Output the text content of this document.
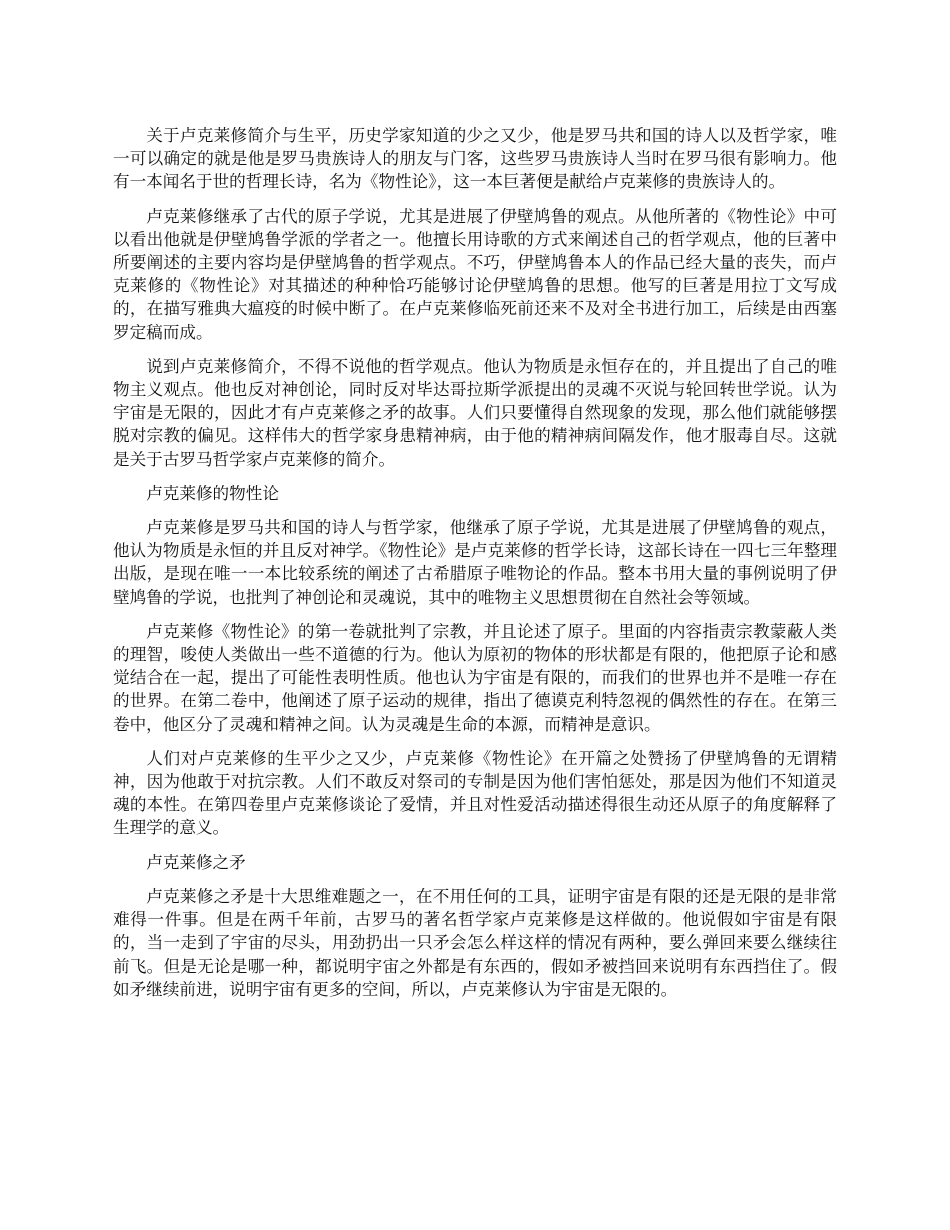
关于卢克莱修简介与生平，历史学家知道的少之又少，他是罗马共和国的诗人以及哲学家，唯一可以确定的就是他是罗马贵族诗人的朋友与门客，这些罗马贵族诗人当时在罗马很有影响力。他有一本闻名于世的哲理长诗，名为《物性论》，这一本巨著便是献给卢克莱修的贵族诗人的。

卢克莱修继承了古代的原子学说，尤其是进展了伊壁鸠鲁的观点。从他所著的《物性论》中可以看出他就是伊壁鸠鲁学派的学者之一。他擅长用诗歌的方式来阐述自己的哲学观点，他的巨著中所要阐述的主要内容均是伊壁鸠鲁的哲学观点。不巧，伊壁鸠鲁本人的作品已经大量的丧失，而卢克莱修的《物性论》对其描述的种种恰巧能够讨论伊壁鸠鲁的思想。他写的巨著是用拉丁文写成的，在描写雅典大瘟疫的时候中断了。在卢克莱修临死前还来不及对全书进行加工，后续是由西塞罗定稿而成。

说到卢克莱修简介，不得不说他的哲学观点。他认为物质是永恒存在的，并且提出了自己的唯物主义观点。他也反对神创论，同时反对毕达哥拉斯学派提出的灵魂不灭说与轮回转世学说。认为宇宙是无限的，因此才有卢克莱修之矛的故事。人们只要懂得自然现象的发现，那么他们就能够摆脱对宗教的偏见。这样伟大的哲学家身患精神病，由于他的精神病间隔发作，他才服毒自尽。这就是关于古罗马哲学家卢克莱修的简介。

卢克莱修的物性论

卢克莱修是罗马共和国的诗人与哲学家，他继承了原子学说，尤其是进展了伊壁鸠鲁的观点，他认为物质是永恒的并且反对神学。《物性论》是卢克莱修的哲学长诗，这部长诗在一四七三年整理出版，是现在唯一一本比较系统的阐述了古希腊原子唯物论的作品。整本书用大量的事例说明了伊壁鸠鲁的学说，也批判了神创论和灵魂说，其中的唯物主义思想贯彻在自然社会等领域。

卢克莱修《物性论》的第一卷就批判了宗教，并且论述了原子。里面的内容指责宗教蒙蔽人类的理智，唆使人类做出一些不道德的行为。他认为原初的物体的形状都是有限的，他把原子论和感觉结合在一起，提出了可能性表明性质。他也认为宇宙是有限的，而我们的世界也并不是唯一存在的世界。在第二卷中，他阐述了原子运动的规律，指出了德谟克利特忽视的偶然性的存在。在第三卷中，他区分了灵魂和精神之间。认为灵魂是生命的本源，而精神是意识。

人们对卢克莱修的生平少之又少，卢克莱修《物性论》在开篇之处赞扬了伊壁鸠鲁的无谓精神，因为他敢于对抗宗教。人们不敢反对祭司的专制是因为他们害怕惩处，那是因为他们不知道灵魂的本性。在第四卷里卢克莱修谈论了爱情，并且对性爱活动描述得很生动还从原子的角度解释了生理学的意义。

卢克莱修之矛

卢克莱修之矛是十大思维难题之一，在不用任何的工具，证明宇宙是有限的还是无限的是非常难得一件事。但是在两千年前，古罗马的著名哲学家卢克莱修是这样做的。他说假如宇宙是有限的，当一走到了宇宙的尽头，用劲扔出一只矛会怎么样这样的情况有两种，要么弹回来要么继续往前飞。但是无论是哪一种，都说明宇宙之外都是有东西的，假如矛被挡回来说明有东西挡住了。假如矛继续前进，说明宇宙有更多的空间，所以，卢克莱修认为宇宙是无限的。
